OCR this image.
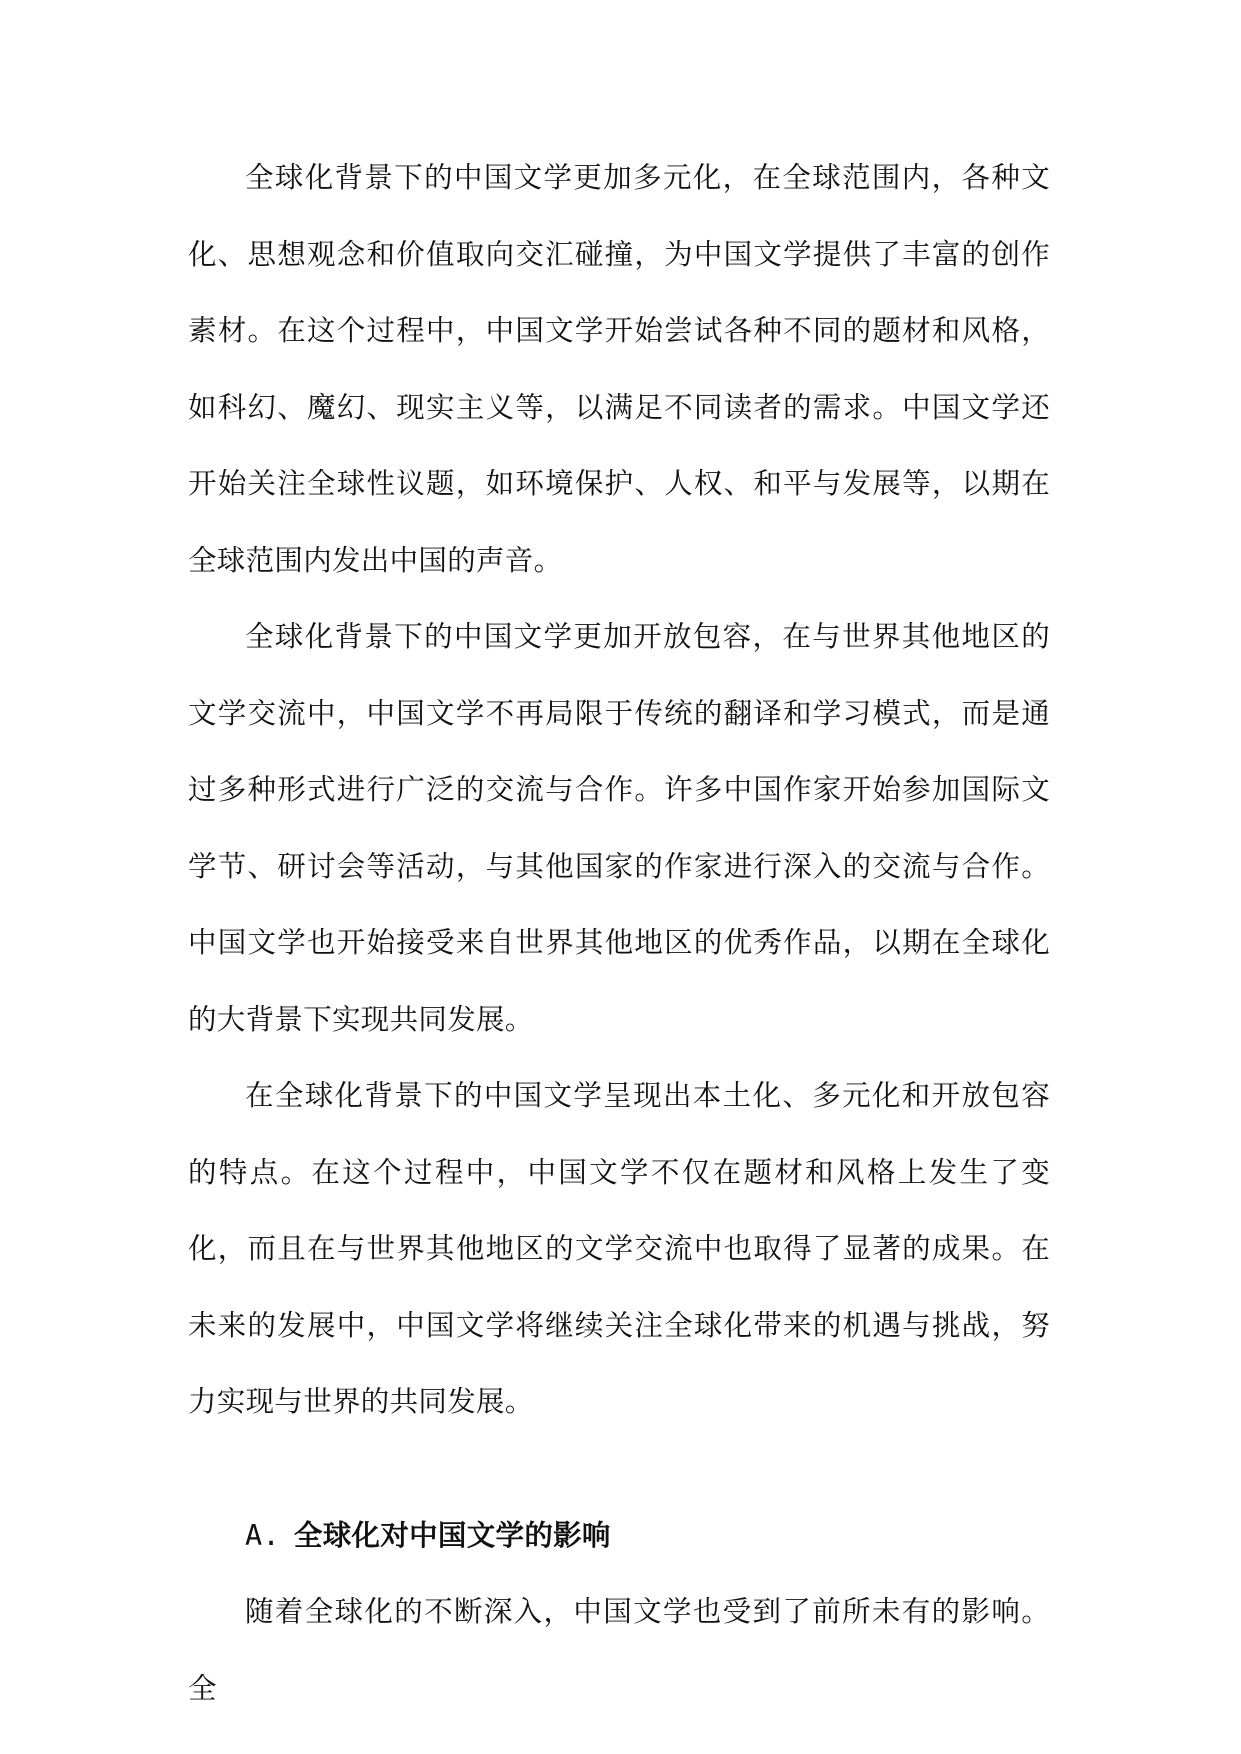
全球化背景下的中国文学更加多元化，在全球范围内，各种文化、思想观念和价值取向交汇碰撞，为中国文学提供了丰富的创作素材。在这个过程中，中国文学开始尝试各种不同的题材和风格，如科幻、魔幻、现实主义等，以满足不同读者的需求。中国文学还开始关注全球性议题，如环境保护、人权、和平与发展等，以期在全球范围内发出中国的声音。

全球化背景下的中国文学更加开放包容，在与世界其他地区的文学交流中，中国文学不再局限于传统的翻译和学习模式，而是通过多种形式进行广泛的交流与合作。许多中国作家开始参加国际文学节、研讨会等活动，与其他国家的作家进行深入的交流与合作。中国文学也开始接受来自世界其他地区的优秀作品，以期在全球化的大背景下实现共同发展。

在全球化背景下的中国文学呈现出本土化、多元化和开放包容的特点。在这个过程中，中国文学不仅在题材和风格上发生了变化，而且在与世界其他地区的文学交流中也取得了显著的成果。在未来的发展中，中国文学将继续关注全球化带来的机遇与挑战，努力实现与世界的共同发展。

A. 全球化对中国文学的影响

随着全球化的不断深入，中国文学也受到了前所未有的影响。全
